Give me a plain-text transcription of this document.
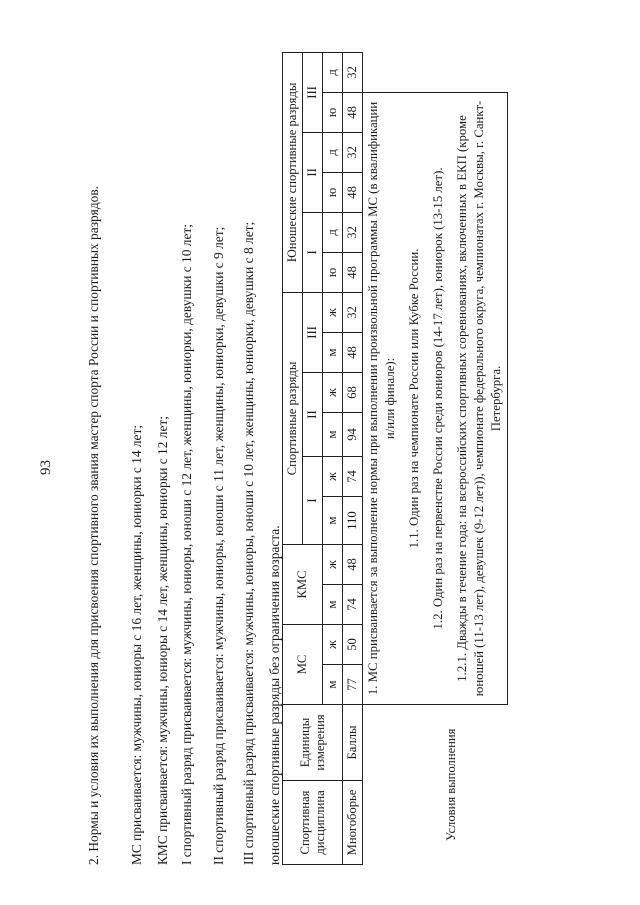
93 2. Нормы и условия их выполнения для присвоения спортивного звания мастер спорта России и спортивных разрядов. МС присваивается: мужчины, юниоры с 16 лет, женщины, юниорки с 14 лет; КМС присваивается: мужчины, юниоры с 14 лет, женщины, юниорки с 12 лет; I спортивный разряд присваивается: мужчины, юниоры, юноши с 12 лет, женщины, юниорки, девушки с 10 лет; II спортивный разряд присваивается: мужчины, юниоры, юноши с 11 лет, женщины, юниорки, девушки с 9 лет; III спортивный разряд присваивается: мужчины, юниоры, юноши с 10 лет, женщины, юниорки, девушки с 8 лет; юношеские спортивные разряды без ограничения возраста. Спортивная дисциплина	Единицы измерения	МС		КМС		Спортивные разряды						Юношеские спортивные разряды					
						I		II		III		I		II		III	
		м	ж	м	ж	м	ж	м	ж	м	ж	ю	д	ю	д	ю	д
Многоборье	Баллы	77	50	74	48	110	74	94	68	48	32	48	32	48	32	48	32
Условия выполнения		1. МС присваивается за выполнение нормы при выполнении произвольной программы МС (в квалификации и/или финале): 1.1. Один раз на чемпионате России или Кубке России. 1.2. Один раз на первенстве России среди юниоров (14-17 лет), юниорок (13-15 лет). 1.2.1. Дважды в течение года: на всероссийских спортивных соревнованиях, включенных в ЕКП (кроме юношей (11-13 лет), девушек (9-12 лет)), чемпионате федерального округа, чемпионатах г. Москвы, г. Санкт-Петербурга.															
